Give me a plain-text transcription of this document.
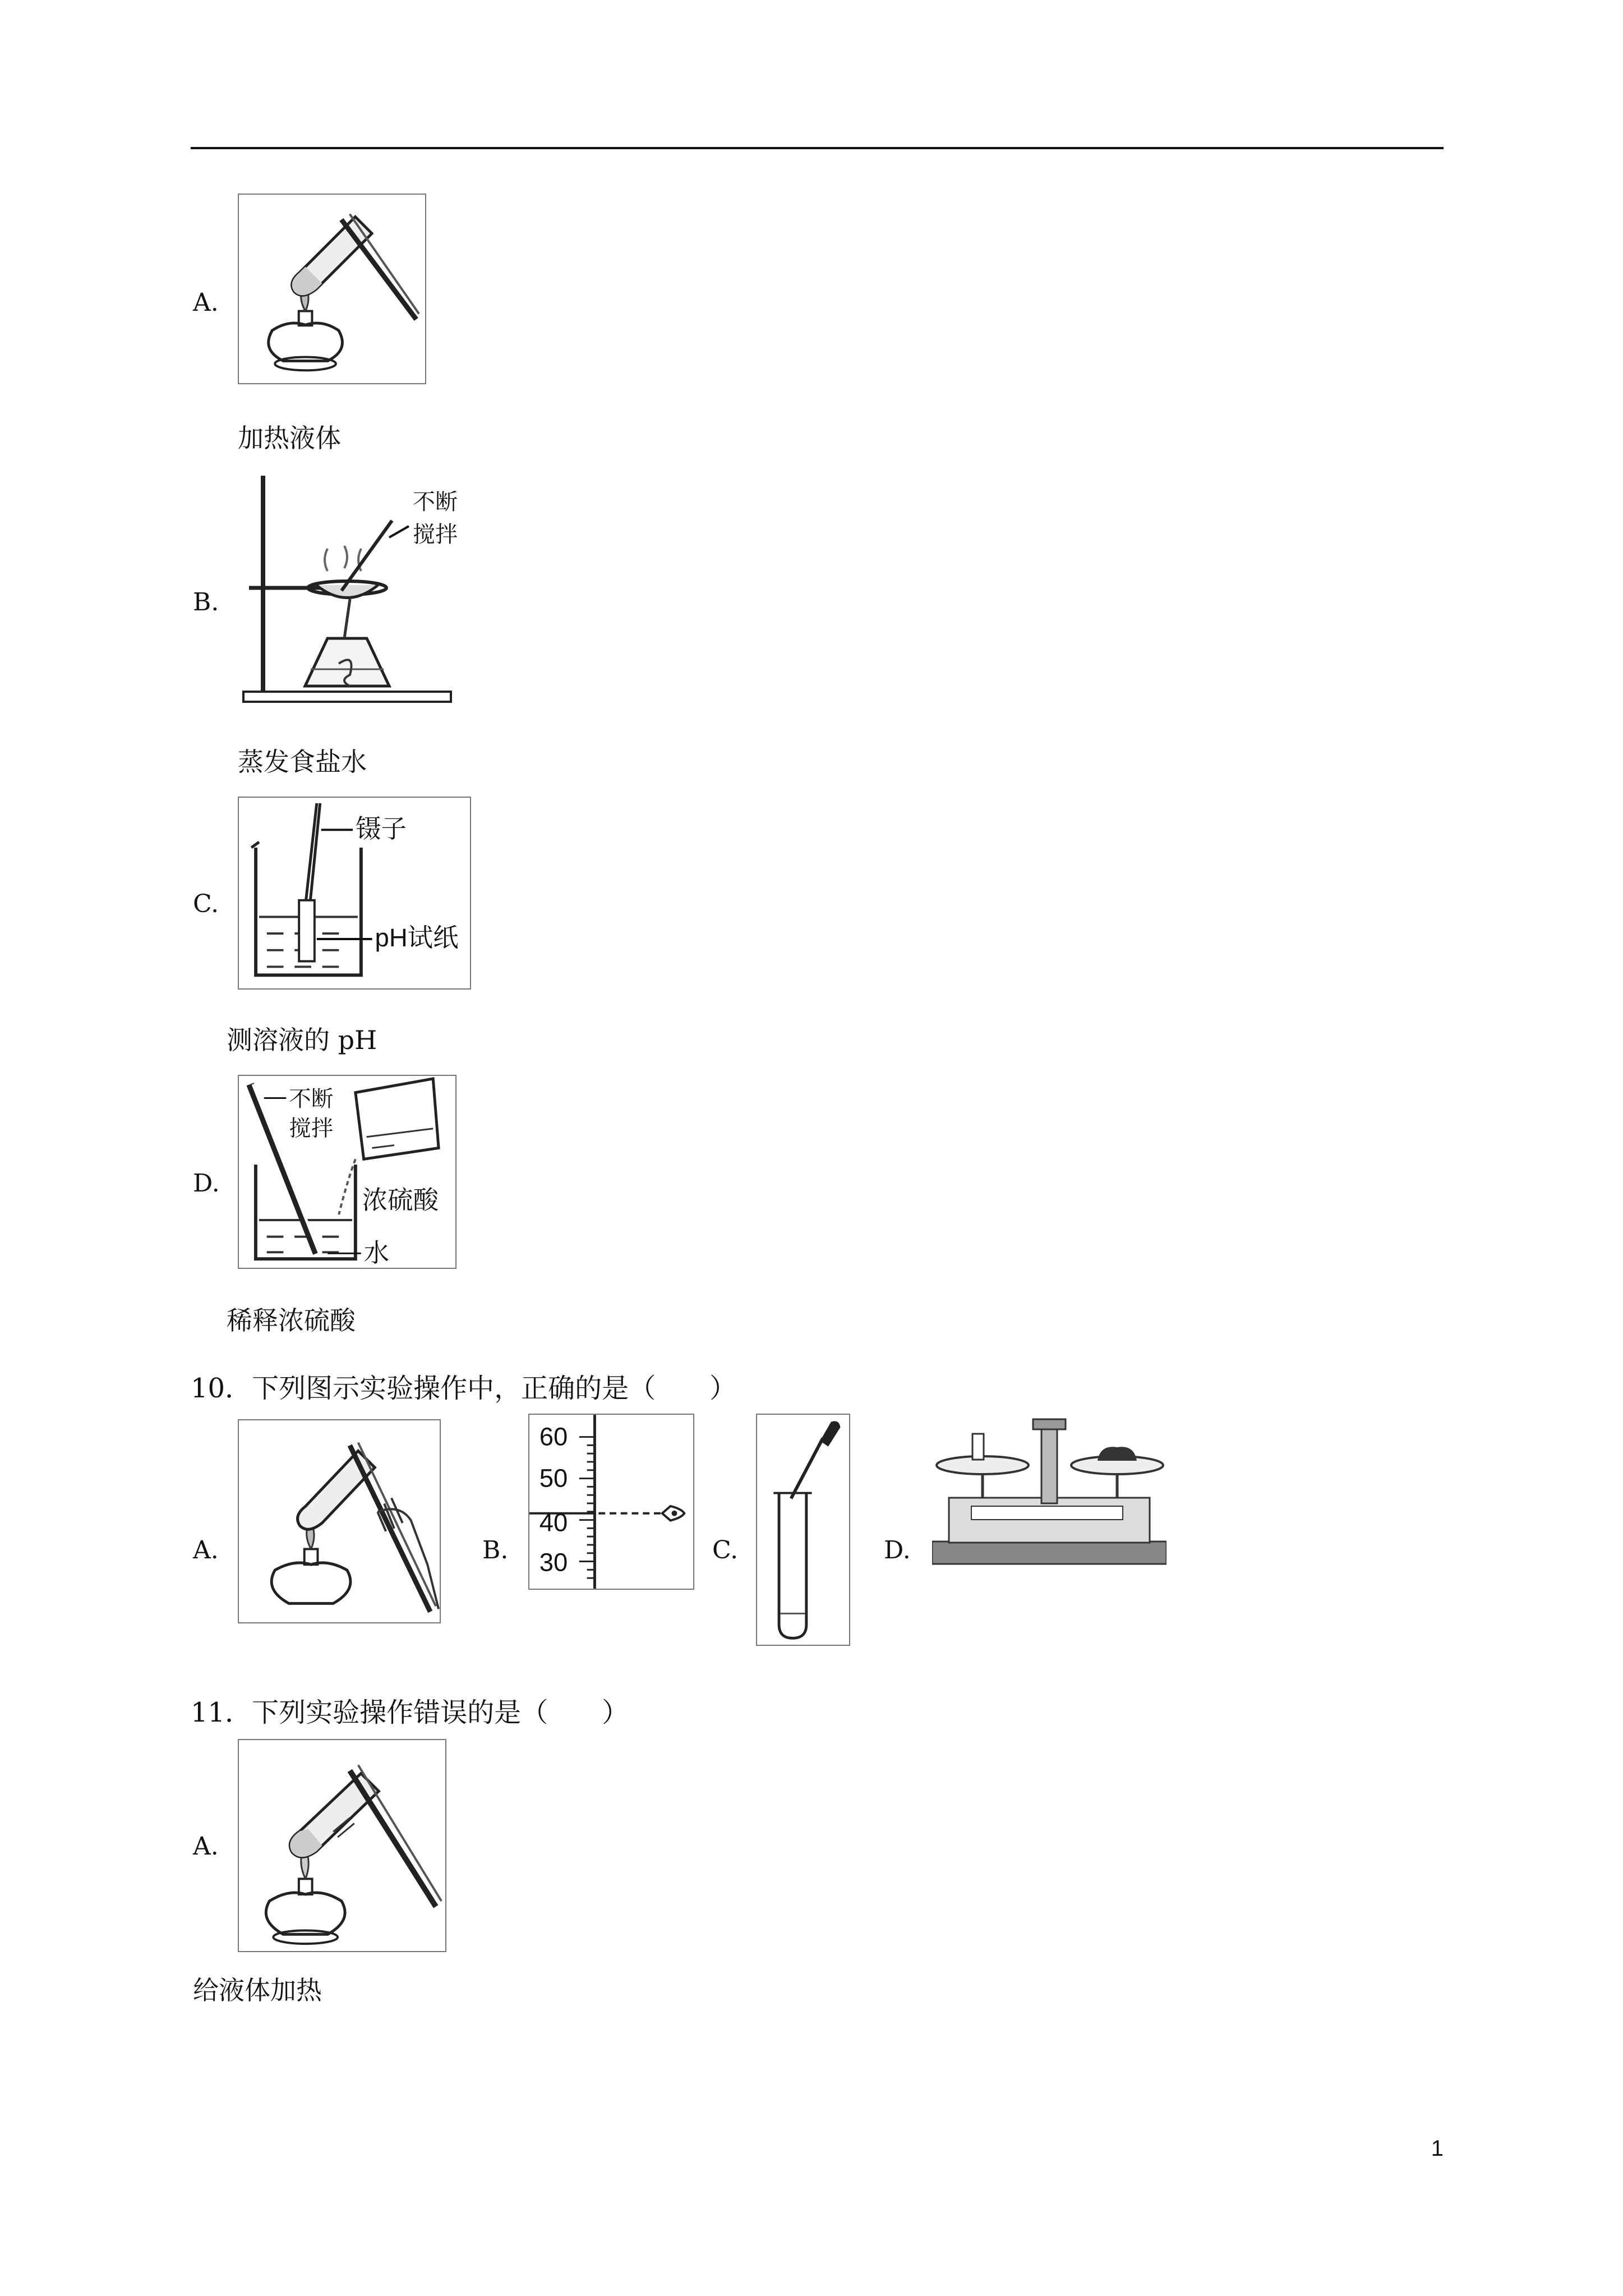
A.
加热液体
B.
不断
搅拌
蒸发食盐水
C.
镊子
pH试纸
测溶液的 pH
D.
不断
搅拌
浓硫酸
水
稀释浓硫酸
10．下列图示实验操作中，正确的是（　　）
A.	B.
60
50
40
30	C.	D.
11．下列实验操作错误的是（　　）
A.
给液体加热
1
